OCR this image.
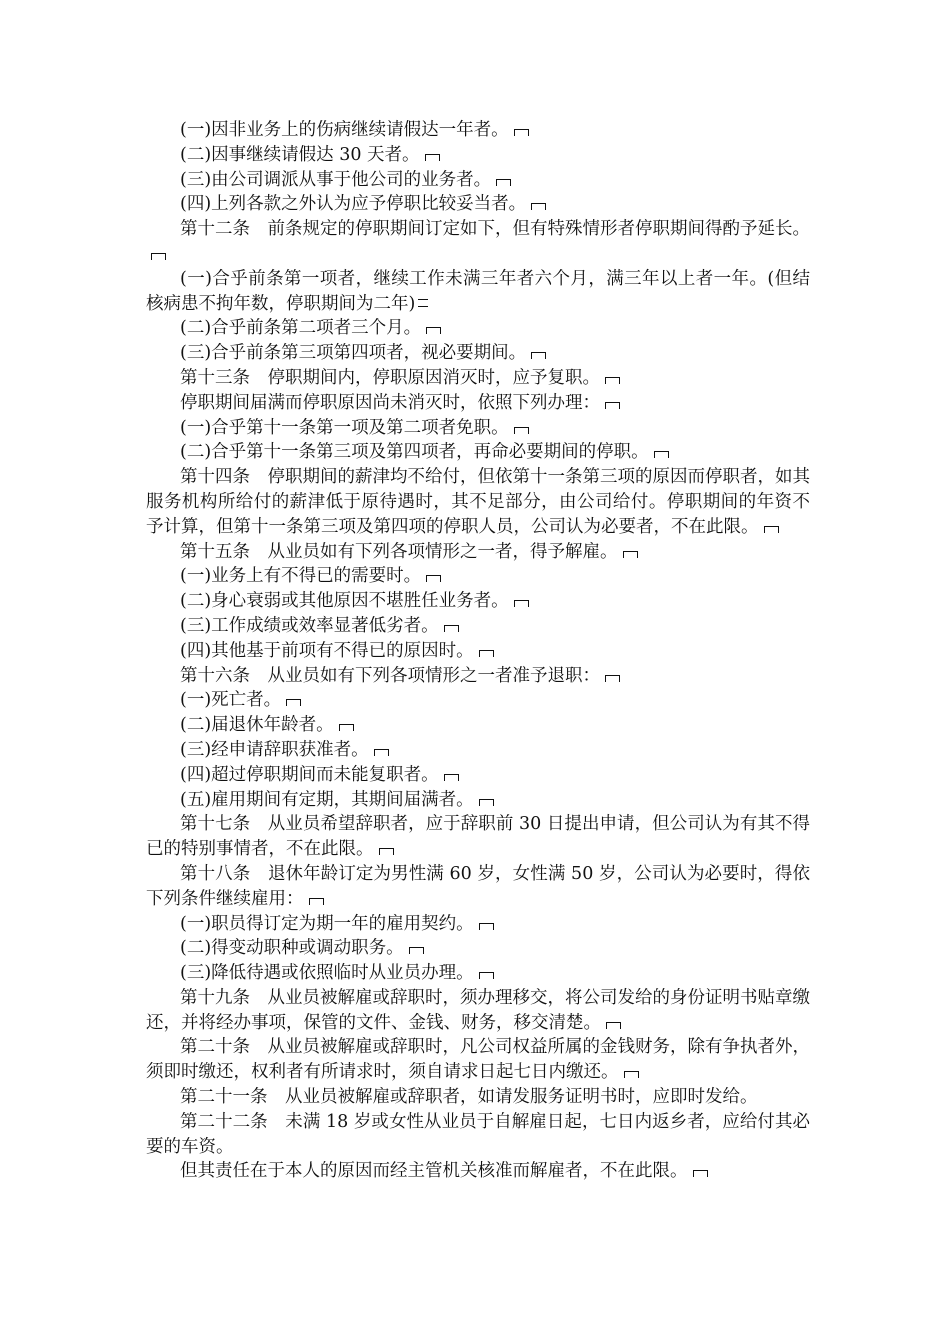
(一)因非业务上的伤病继续请假达一年者。

(二)因事继续请假达 30 天者。

(三)由公司调派从事于他公司的业务者。

(四)上列各款之外认为应予停职比较妥当者。

第十二条　前条规定的停职期间订定如下，但有特殊情形者停职期间得酌予延长。

(一)合乎前条第一项者，继续工作未满三年者六个月，满三年以上者一年。(但结核病患不拘年数，停职期间为二年)

(二)合乎前条第二项者三个月。

(三)合乎前条第三项第四项者，视必要期间。

第十三条　停职期间内，停职原因消灭时，应予复职。

停职期间届满而停职原因尚未消灭时，依照下列办理：

(一)合乎第十一条第一项及第二项者免职。

(二)合乎第十一条第三项及第四项者，再命必要期间的停职。

第十四条　停职期间的薪津均不给付，但依第十一条第三项的原因而停职者，如其服务机构所给付的薪津低于原待遇时，其不足部分，由公司给付。停职期间的年资不予计算，但第十一条第三项及第四项的停职人员，公司认为必要者，不在此限。

第十五条　从业员如有下列各项情形之一者，得予解雇。

(一)业务上有不得已的需要时。

(二)身心衰弱或其他原因不堪胜任业务者。

(三)工作成绩或效率显著低劣者。

(四)其他基于前项有不得已的原因时。

第十六条　从业员如有下列各项情形之一者准予退职：

(一)死亡者。

(二)届退休年龄者。

(三)经申请辞职获准者。

(四)超过停职期间而未能复职者。

(五)雇用期间有定期，其期间届满者。

第十七条　从业员希望辞职者，应于辞职前 30 日提出申请，但公司认为有其不得已的特别事情者，不在此限。

第十八条　退休年龄订定为男性满 60 岁，女性满 50 岁，公司认为必要时，得依下列条件继续雇用：

(一)职员得订定为期一年的雇用契约。

(二)得变动职种或调动职务。

(三)降低待遇或依照临时从业员办理。

第十九条　从业员被解雇或辞职时，须办理移交，将公司发给的身份证明书贴章缴还，并将经办事项，保管的文件、金钱、财务，移交清楚。

第二十条　从业员被解雇或辞职时，凡公司权益所属的金钱财务，除有争执者外，须即时缴还，权利者有所请求时，须自请求日起七日内缴还。

第二十一条　从业员被解雇或辞职者，如请发服务证明书时，应即时发给。

第二十二条　未满 18 岁或女性从业员于自解雇日起，七日内返乡者，应给付其必要的车资。

但其责任在于本人的原因而经主管机关核准而解雇者，不在此限。
